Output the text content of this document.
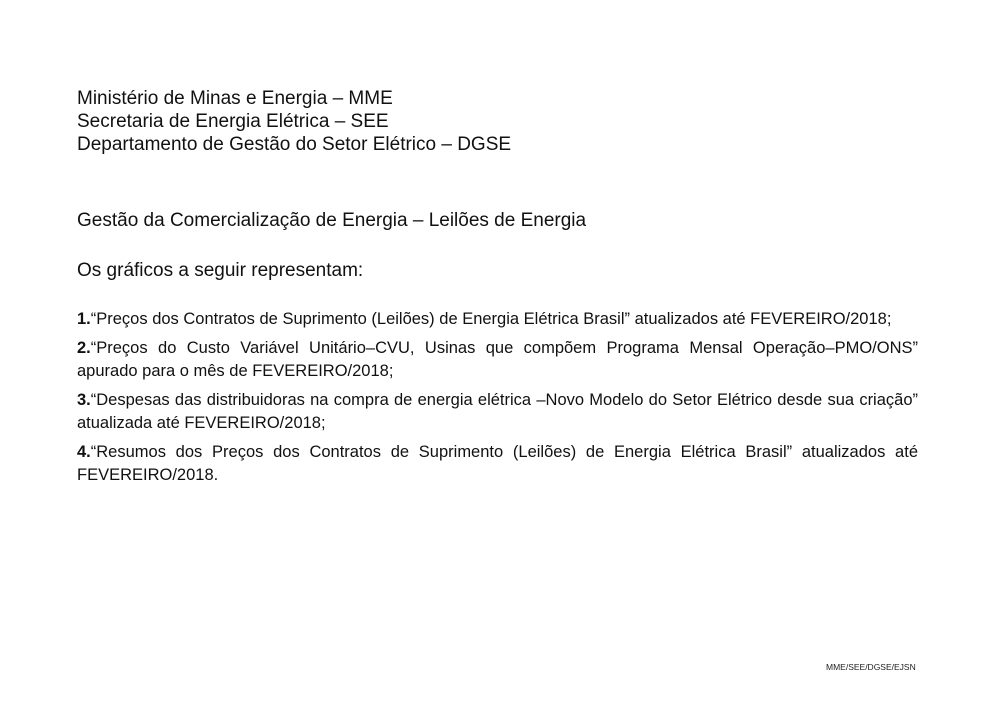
Ministério de Minas e Energia – MME
Secretaria de Energia Elétrica – SEE
Departamento de Gestão do Setor Elétrico – DGSE
Gestão da Comercialização de Energia – Leilões de Energia
Os gráficos a seguir representam:
1.“Preços dos Contratos de Suprimento (Leilões) de Energia Elétrica Brasil” atualizados até FEVEREIRO/2018;
2.“Preços do Custo Variável Unitário–CVU, Usinas que compõem Programa Mensal Operação–PMO/ONS” apurado para o mês de FEVEREIRO/2018;
3.“Despesas das distribuidoras na compra de energia elétrica –Novo Modelo do Setor Elétrico desde sua criação” atualizada até FEVEREIRO/2018;
4.“Resumos dos Preços dos Contratos de Suprimento (Leilões) de Energia Elétrica Brasil” atualizados até FEVEREIRO/2018.
MME/SEE/DGSE/EJSN
